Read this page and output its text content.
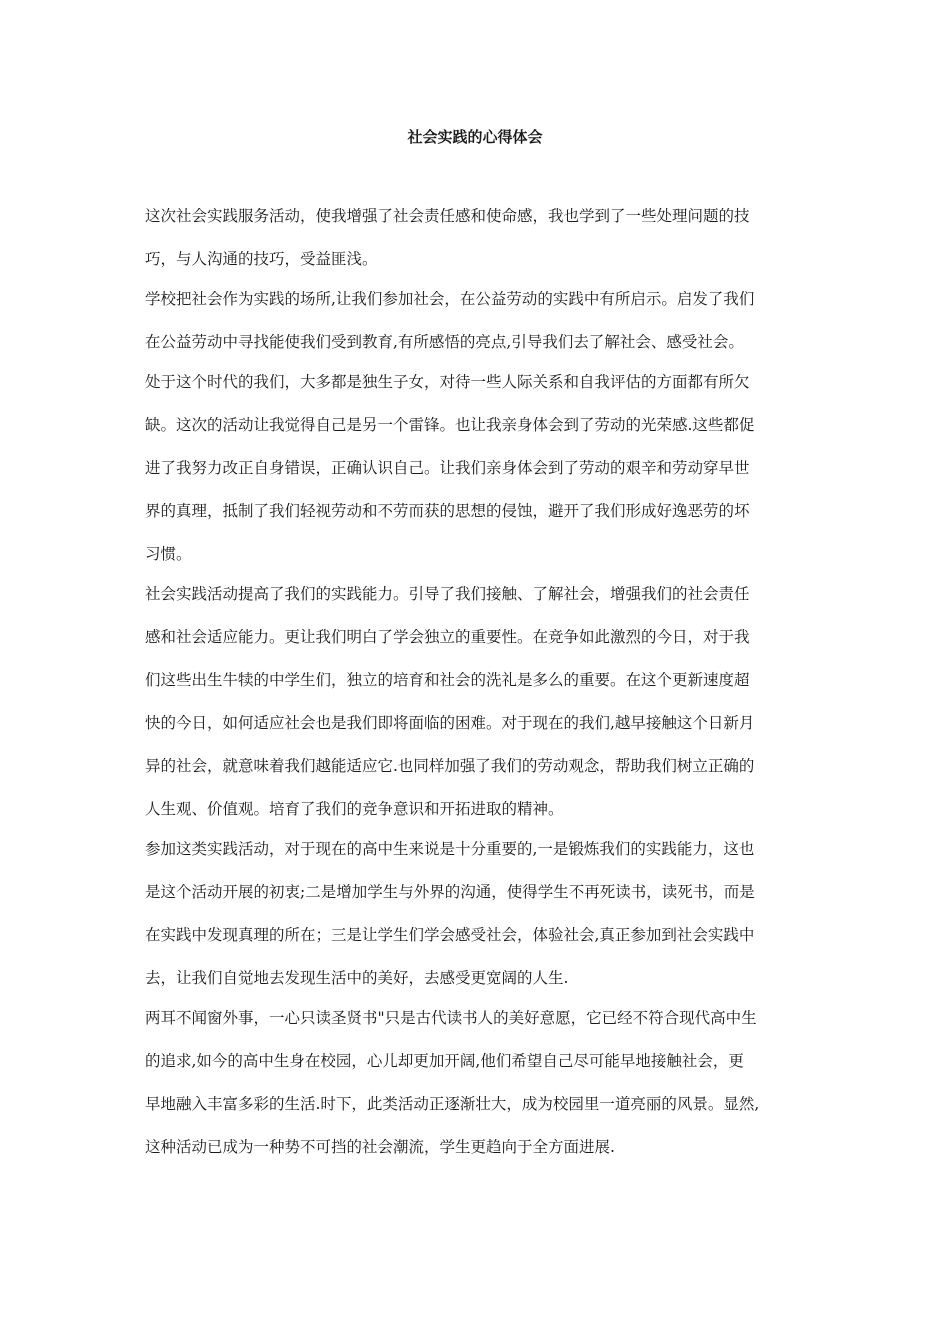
社会实践的心得体会
这次社会实践服务活动，使我增强了社会责任感和使命感，我也学到了一些处理问题的技
巧，与人沟通的技巧，受益匪浅。
学校把社会作为实践的场所,让我们参加社会，在公益劳动的实践中有所启示。启发了我们
在公益劳动中寻找能使我们受到教育,有所感悟的亮点,引导我们去了解社会、感受社会。
处于这个时代的我们，大多都是独生子女，对待一些人际关系和自我评估的方面都有所欠
缺。这次的活动让我觉得自己是另一个雷锋。也让我亲身体会到了劳动的光荣感.这些都促
进了我努力改正自身错误，正确认识自己。让我们亲身体会到了劳动的艰辛和劳动穿早世
界的真理，抵制了我们轻视劳动和不劳而获的思想的侵蚀，避开了我们形成好逸恶劳的坏
习惯。
社会实践活动提高了我们的实践能力。引导了我们接触、了解社会，增强我们的社会责任
感和社会适应能力。更让我们明白了学会独立的重要性。在竞争如此激烈的今日，对于我
们这些出生牛犊的中学生们，独立的培育和社会的洗礼是多么的重要。在这个更新速度超
快的今日，如何适应社会也是我们即将面临的困难。对于现在的我们,越早接触这个日新月
异的社会，就意味着我们越能适应它.也同样加强了我们的劳动观念，帮助我们树立正确的
人生观、价值观。培育了我们的竞争意识和开拓进取的精神。
参加这类实践活动，对于现在的高中生来说是十分重要的,一是锻炼我们的实践能力，这也
是这个活动开展的初衷;二是增加学生与外界的沟通，使得学生不再死读书，读死书，而是
在实践中发现真理的所在；三是让学生们学会感受社会，体验社会,真正参加到社会实践中
去，让我们自觉地去发现生活中的美好，去感受更宽阔的人生.
两耳不闻窗外事，一心只读圣贤书"只是古代读书人的美好意愿，它已经不符合现代高中生
的追求,如今的高中生身在校园，心儿却更加开阔,他们希望自己尽可能早地接触社会，更
早地融入丰富多彩的生活.时下，此类活动正逐渐壮大，成为校园里一道亮丽的风景。显然,
这种活动已成为一种势不可挡的社会潮流，学生更趋向于全方面进展.
